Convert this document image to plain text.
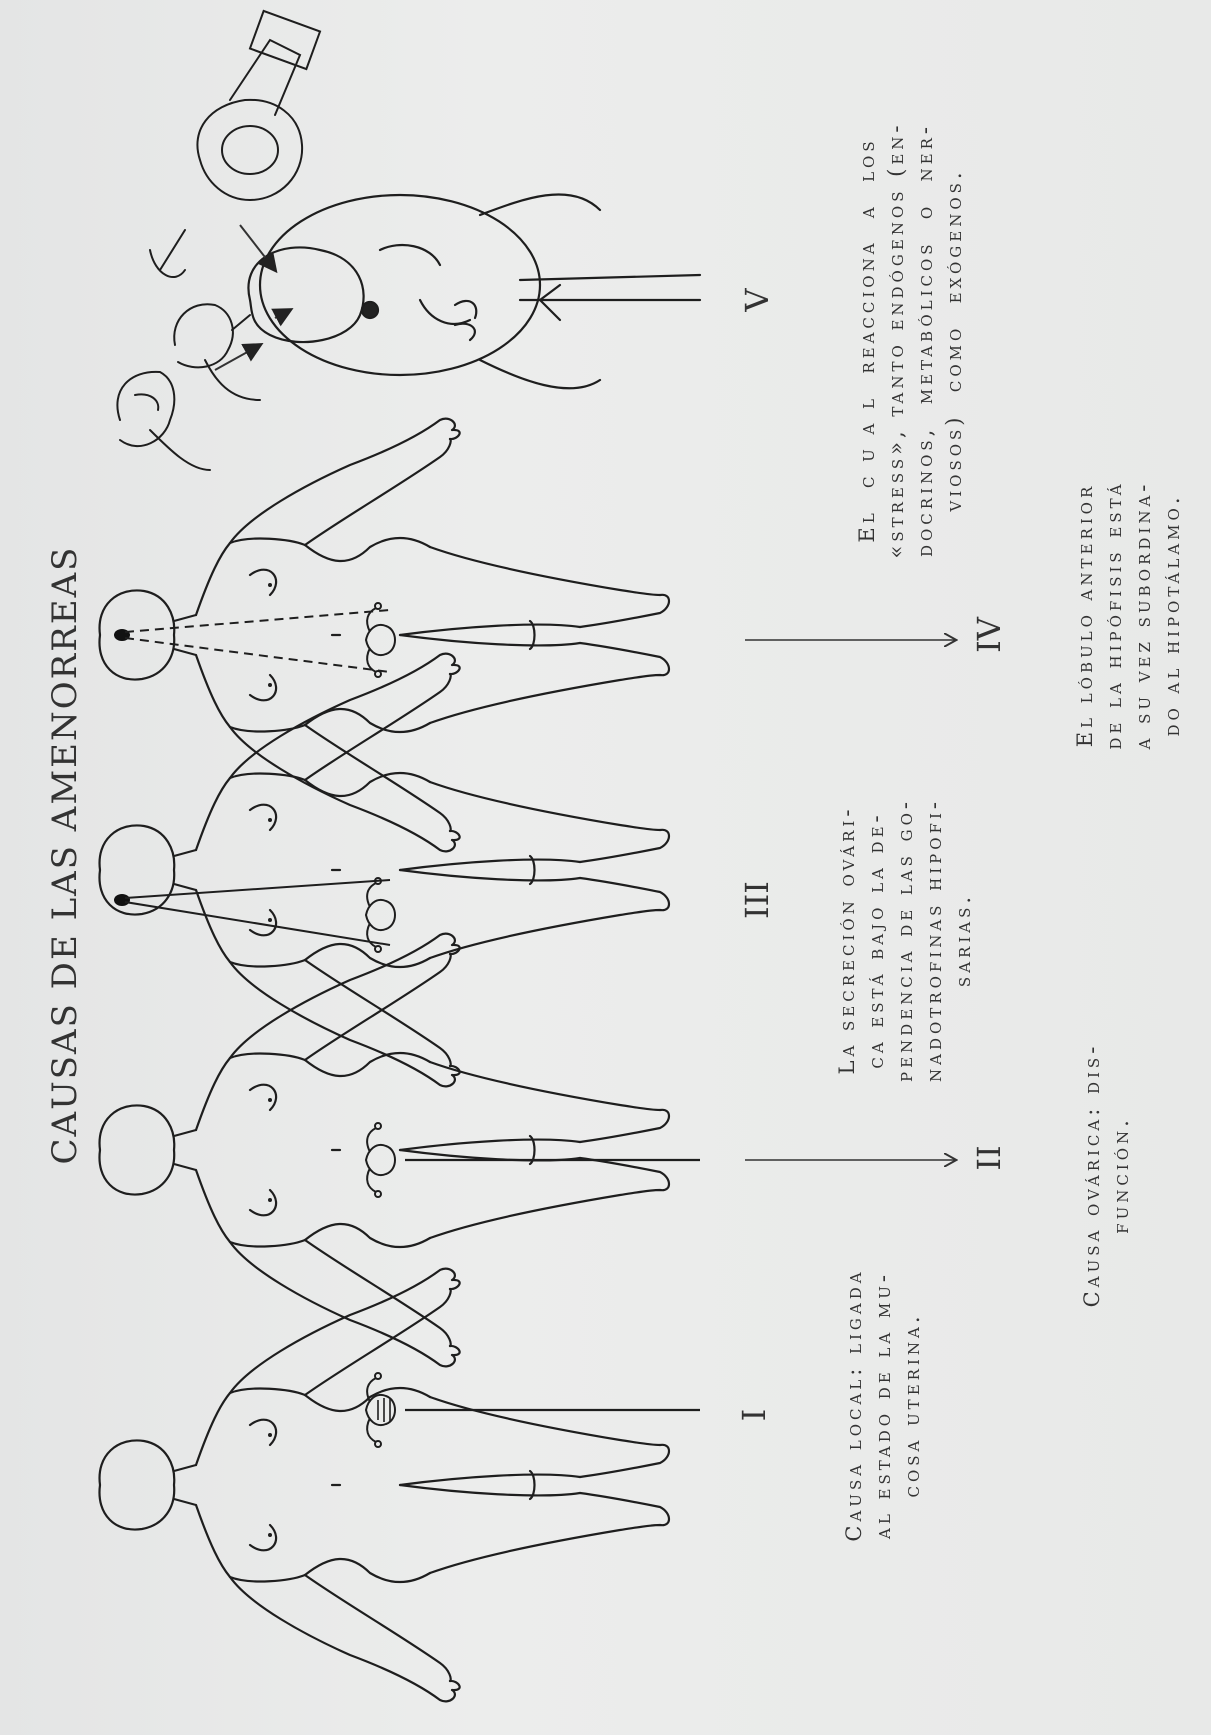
CAUSAS DE LAS AMENORREAS
I
II
III
IV
V

Causa local: ligada al estado de la mu- cosa uterina.

Causa ovárica: dis- función.

La secreción ovári- ca está bajo la de- pendencia de las go- nadotrofinas hipofi- sarias.

El lóbulo anterior de la hipófisis está a su vez subordina- do al hipotálamo.

El  c u a l  reacciona  a  los «stress», tanto endógenos (en- docrinos,  metabólicos  o  ner- viosos)  como  exógenos.
